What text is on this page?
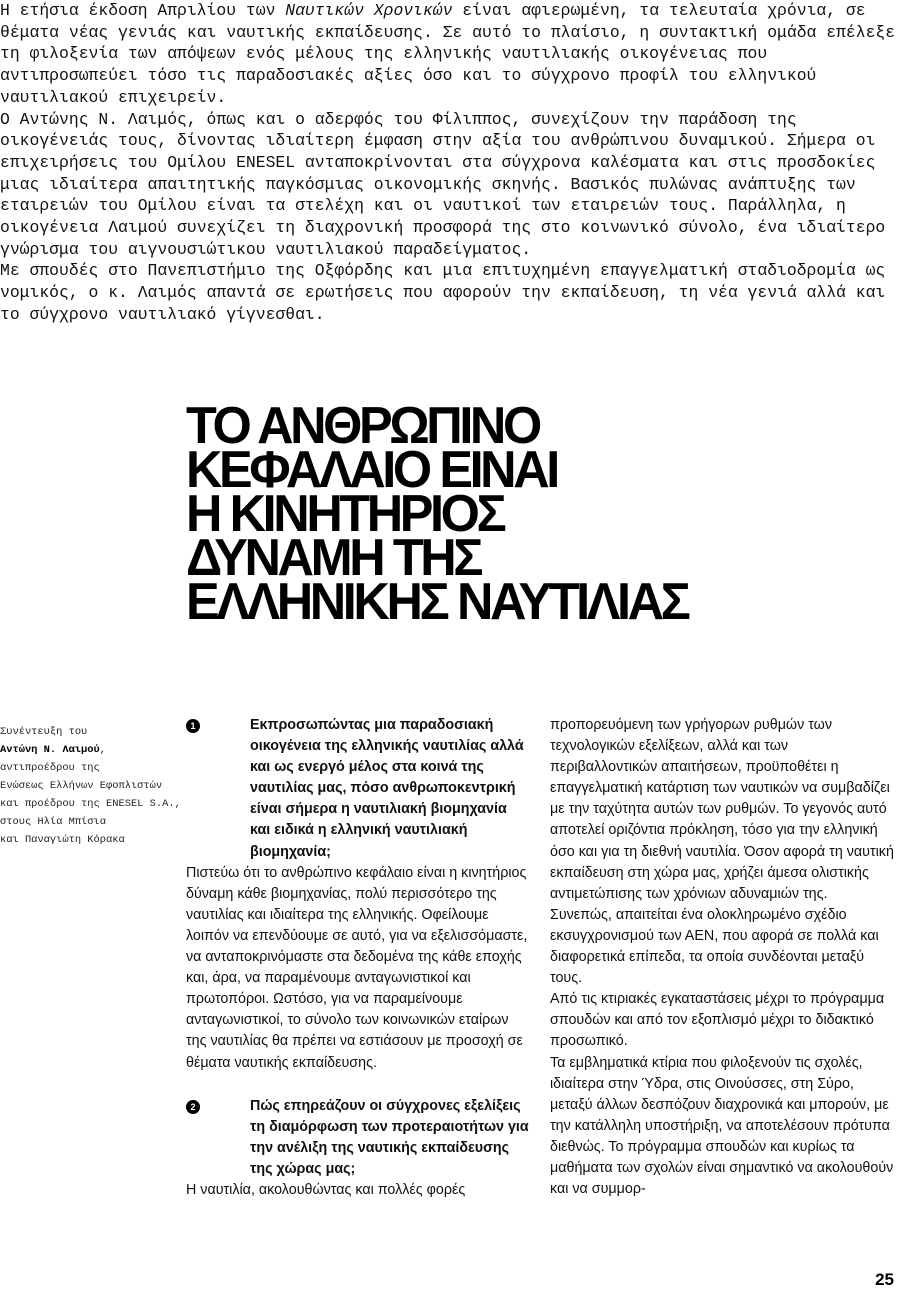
Η ετήσια έκδοση Απριλίου των Ναυτικών Χρονικών είναι αφιερωμένη, τα τελευταία χρόνια, σε θέματα νέας γενιάς και ναυτικής εκπαίδευσης. Σε αυτό το πλαίσιο, η συντακτική ομάδα επέλεξε τη φιλοξενία των απόψεων ενός μέλους της ελληνικής ναυτιλιακής οικογένειας που αντιπροσωπεύει τόσο τις παραδοσιακές αξίες όσο και το σύγχρονο προφίλ του ελληνικού ναυτιλιακού επιχειρείν.

Ο Αντώνης Ν. Λαιμός, όπως και ο αδερφός του Φίλιππος, συνεχίζουν την παράδοση της οικογένειάς τους, δίνοντας ιδιαίτερη έμφαση στην αξία του ανθρώπινου δυναμικού. Σήμερα οι επιχειρήσεις του Ομίλου ENESEL ανταποκρίνονται στα σύγχρονα καλέσματα και στις προσδοκίες μιας ιδιαίτερα απαιτητικής παγκόσμιας οικονομικής σκηνής. Βασικός πυλώνας ανάπτυξης των εταιρειών του Ομίλου είναι τα στελέχη και οι ναυτικοί των εταιρειών τους. Παράλληλα, η οικογένεια Λαιμού συνεχίζει τη διαχρονική προσφορά της στο κοινωνικό σύνολο, ένα ιδιαίτερο γνώρισμα του αιγνουσιώτικου ναυτιλιακού παραδείγματος.

Με σπουδές στο Πανεπιστήμιο της Οξφόρδης και μια επιτυχημένη επαγγελματική σταδιοδρομία ως νομικός, ο κ. Λαιμός απαντά σε ερωτήσεις που αφορούν την εκπαίδευση, τη νέα γενιά αλλά και το σύγχρονο ναυτιλιακό γίγνεσθαι.

ΤΟ ΑΝΘΡΩΠΙΝΟ
ΚΕΦΑΛΑΙΟ ΕΙΝΑΙ
Η ΚΙΝΗΤΗΡΙΟΣ
ΔΥΝΑΜΗ ΤΗΣ
ΕΛΛΗΝΙΚΗΣ ΝΑΥΤΙΛΙΑΣ

Συνέντευξη του

Αντώνη Ν. Λαιμού,

αντιπροέδρου της

Ενώσεως Ελλήνων Εφοπλιστών

και προέδρου της ENESEL S.A.,

στους Ηλία Μπίσια

και Παναγιώτη Κόρακα

1	Εκπροσωπώντας μια παραδοσιακή οικογένεια της ελληνικής ναυτιλίας αλλά και ως ενεργό μέλος στα κοινά της ναυτιλίας μας, πόσο ανθρωποκεντρική είναι σήμερα η ναυτιλιακή βιομηχανία και ειδικά η ελληνική ναυτιλιακή βιομηχανία;

Πιστεύω ότι το ανθρώπινο κεφάλαιο είναι η κινητήριος δύναμη κάθε βιομηχανίας, πολύ περισσότερο της ναυτιλίας και ιδιαίτερα της ελληνικής. Οφείλουμε λοιπόν να επενδύουμε σε αυτό, για να εξελισσόμαστε, να ανταποκρινόμαστε στα δεδομένα της κάθε εποχής και, άρα, να παραμένουμε ανταγωνιστικοί και πρωτοπόροι. Ωστόσο, για να παραμείνουμε ανταγωνιστικοί, το σύνολο των κοινωνικών εταίρων της ναυτιλίας θα πρέπει να εστιάσουν με προσοχή σε θέματα ναυτικής εκπαίδευσης.

2	Πώς επηρεάζουν οι σύγχρονες εξελίξεις τη διαμόρφωση των προτεραιοτήτων για την ανέλιξη της ναυτικής εκπαίδευσης της χώρας μας;

Η ναυτιλία, ακολουθώντας και πολλές φορές

προπορευόμενη των γρήγορων ρυθμών των τεχνολογικών εξελίξεων, αλλά και των περιβαλλοντικών απαιτήσεων, προϋποθέτει η επαγγελματική κατάρτιση των ναυτικών να συμβαδίζει με την ταχύτητα αυτών των ρυθμών. Το γεγονός αυτό αποτελεί οριζόντια πρόκληση, τόσο για την ελληνική όσο και για τη διεθνή ναυτιλία. Όσον αφορά τη ναυτική εκπαίδευση στη χώρα μας, χρήζει άμεσα ολιστικής αντιμετώπισης των χρόνιων αδυναμιών της.

Συνεπώς, απαιτείται ένα ολοκληρωμένο σχέδιο εκσυγχρονισμού των ΑΕΝ, που αφορά σε πολλά και διαφορετικά επίπεδα, τα οποία συνδέονται μεταξύ τους.

Από τις κτιριακές εγκαταστάσεις μέχρι το πρόγραμμα σπουδών και από τον εξοπλισμό μέχρι το διδακτικό προσωπικό.

Τα εμβληματικά κτίρια που φιλοξενούν τις σχολές, ιδιαίτερα στην Ύδρα, στις Οινούσσες, στη Σύρο, μεταξύ άλλων δεσπόζουν διαχρονικά και μπορούν, με την κατάλληλη υποστήριξη, να αποτελέσουν πρότυπα διεθνώς. Το πρόγραμμα σπουδών και κυρίως τα μαθήματα των σχολών είναι σημαντικό να ακολουθούν και να συμμορ-

25
